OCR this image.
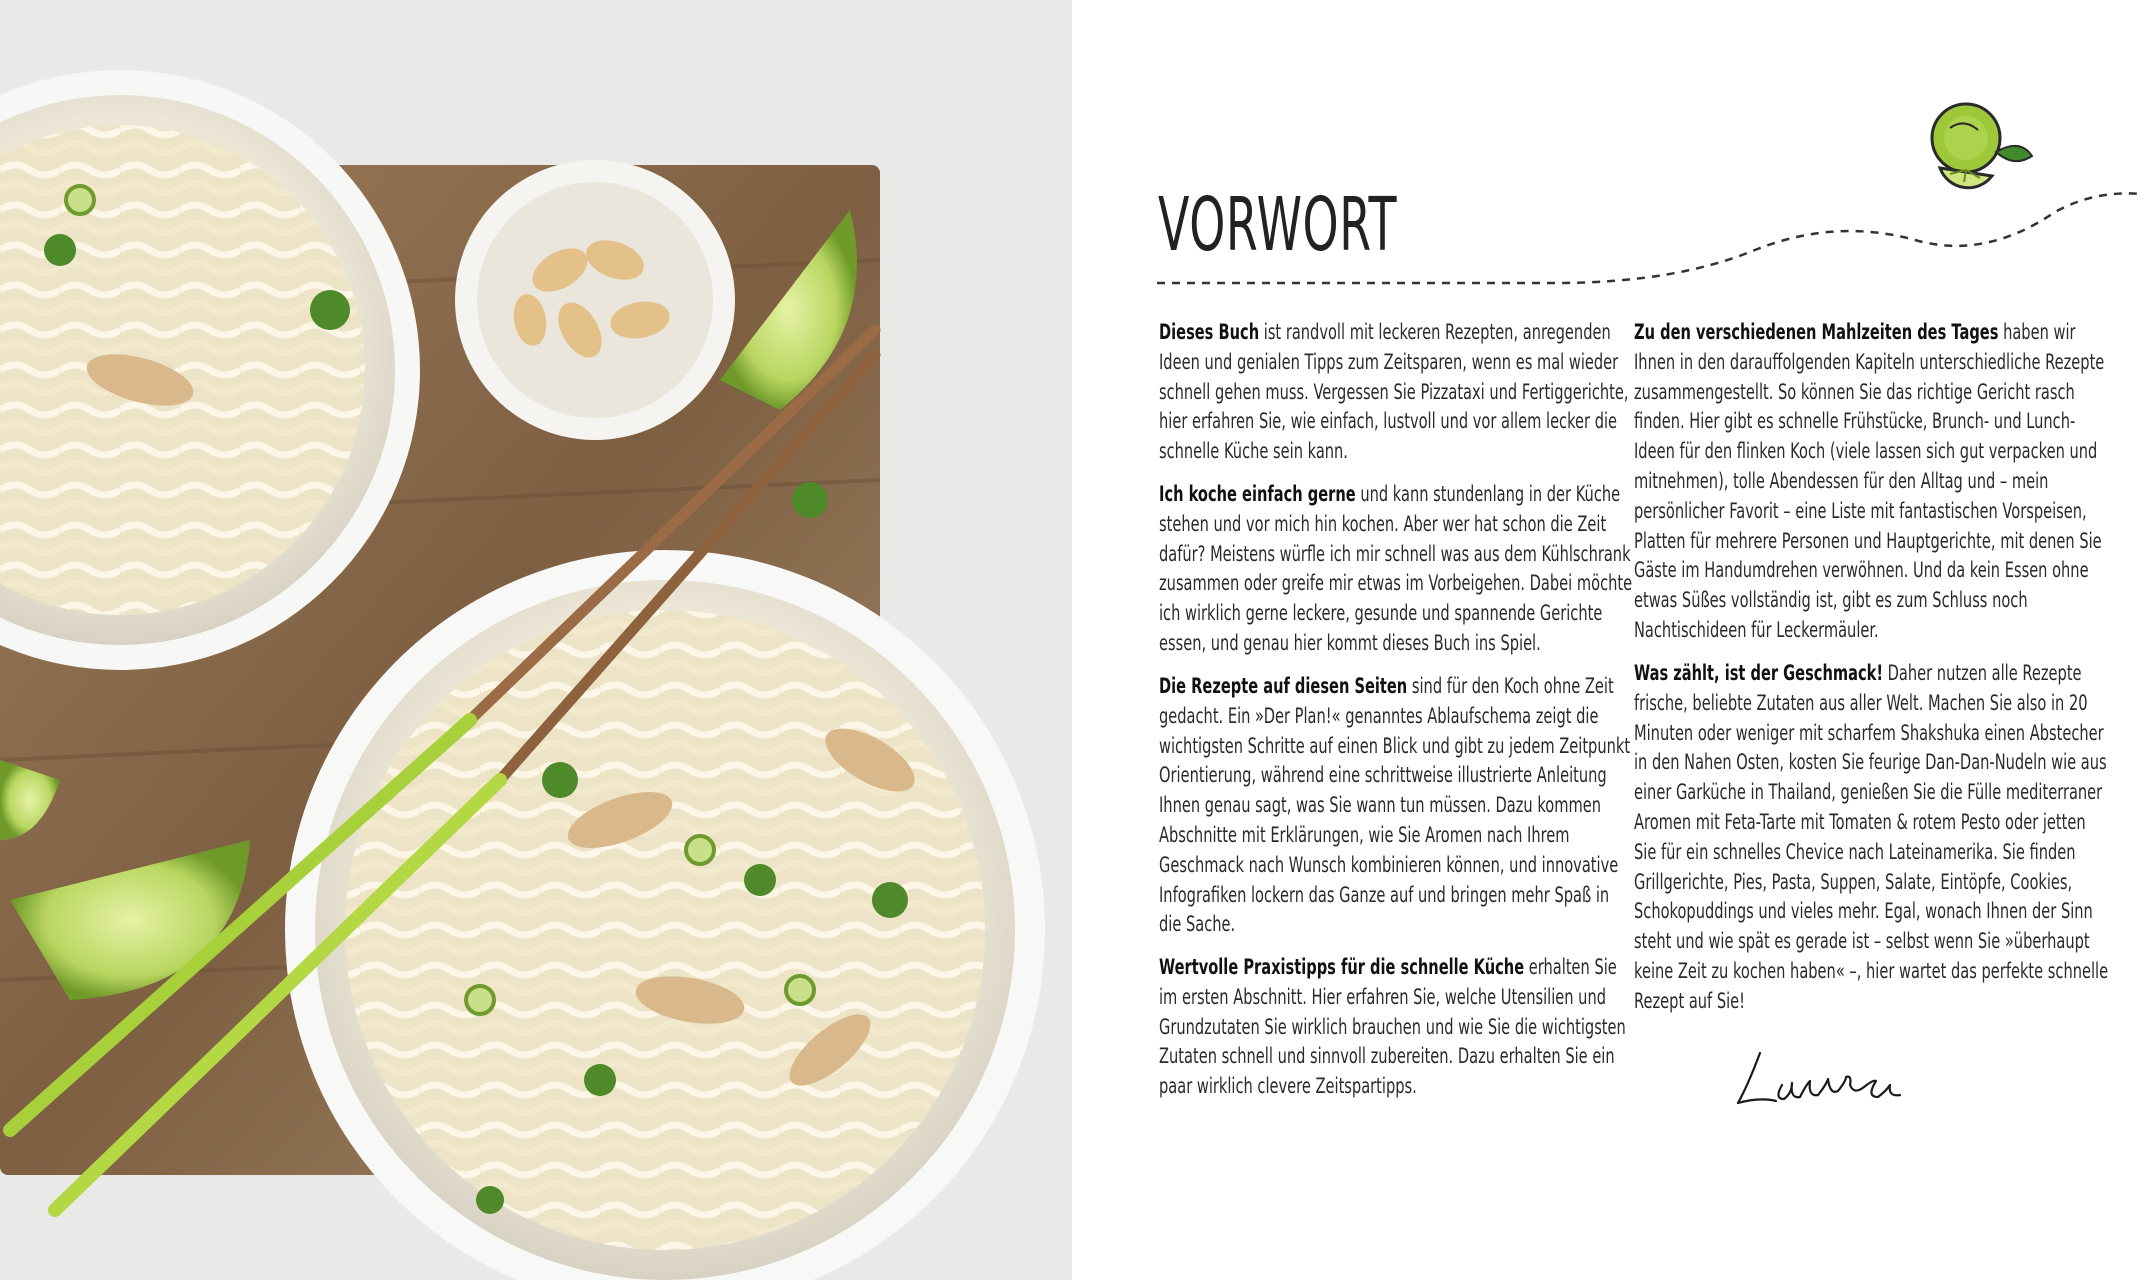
VORWORT

Dieses Buch ist randvoll mit leckeren Rezepten, anregenden Ideen und genialen Tipps zum Zeitsparen, wenn es mal wieder schnell gehen muss. Vergessen Sie Pizzataxi und Fertiggerichte, hier erfahren Sie, wie einfach, lustvoll und vor allem lecker die schnelle Küche sein kann.

Ich koche einfach gerne und kann stundenlang in der Küche stehen und vor mich hin kochen. Aber wer hat schon die Zeit dafür? Meistens würfle ich mir schnell was aus dem Kühlschrank zusammen oder greife mir etwas im Vorbeigehen. Dabei möchte ich wirklich gerne leckere, gesunde und spannende Gerichte essen, und genau hier kommt dieses Buch ins Spiel.

Die Rezepte auf diesen Seiten sind für den Koch ohne Zeit gedacht. Ein »Der Plan!« genanntes Ablaufschema zeigt die wichtigsten Schritte auf einen Blick und gibt zu jedem Zeitpunkt Orientierung, während eine schrittweise illustrierte Anleitung Ihnen genau sagt, was Sie wann tun müssen. Dazu kommen Abschnitte mit Erklärungen, wie Sie Aromen nach Ihrem Geschmack nach Wunsch kombinieren können, und innovative Infografiken lockern das Ganze auf und bringen mehr Spaß in die Sache.

Wertvolle Praxistipps für die schnelle Küche erhalten Sie im ersten Abschnitt. Hier erfahren Sie, welche Utensilien und Grundzutaten Sie wirklich brauchen und wie Sie die wichtigsten Zutaten schnell und sinnvoll zubereiten. Dazu erhalten Sie ein paar wirklich clevere Zeitspartipps.

Zu den verschiedenen Mahlzeiten des Tages haben wir Ihnen in den darauffolgenden Kapiteln unterschiedliche Rezepte zusammengestellt. So können Sie das richtige Gericht rasch finden. Hier gibt es schnelle Frühstücke, Brunch- und Lunch-Ideen für den flinken Koch (viele lassen sich gut verpacken und mitnehmen), tolle Abendessen für den Alltag und – mein persönlicher Favorit – eine Liste mit fantastischen Vorspeisen, Platten für mehrere Personen und Hauptgerichte, mit denen Sie Gäste im Handumdrehen verwöhnen. Und da kein Essen ohne etwas Süßes vollständig ist, gibt es zum Schluss noch Nachtischideen für Leckermäuler.

Was zählt, ist der Geschmack! Daher nutzen alle Rezepte frische, beliebte Zutaten aus aller Welt. Machen Sie also in 20 Minuten oder weniger mit scharfem Shakshuka einen Abstecher in den Nahen Osten, kosten Sie feurige Dan-Dan-Nudeln wie aus einer Garküche in Thailand, genießen Sie die Fülle mediterraner Aromen mit Feta-Tarte mit Tomaten & rotem Pesto oder jetten Sie für ein schnelles Chevice nach Lateinamerika. Sie finden Grillgerichte, Pies, Pasta, Suppen, Salate, Eintöpfe, Cookies, Schokopuddings und vieles mehr. Egal, wonach Ihnen der Sinn steht und wie spät es gerade ist – selbst wenn Sie »überhaupt keine Zeit zu kochen haben« –, hier wartet das perfekte schnelle Rezept auf Sie!
